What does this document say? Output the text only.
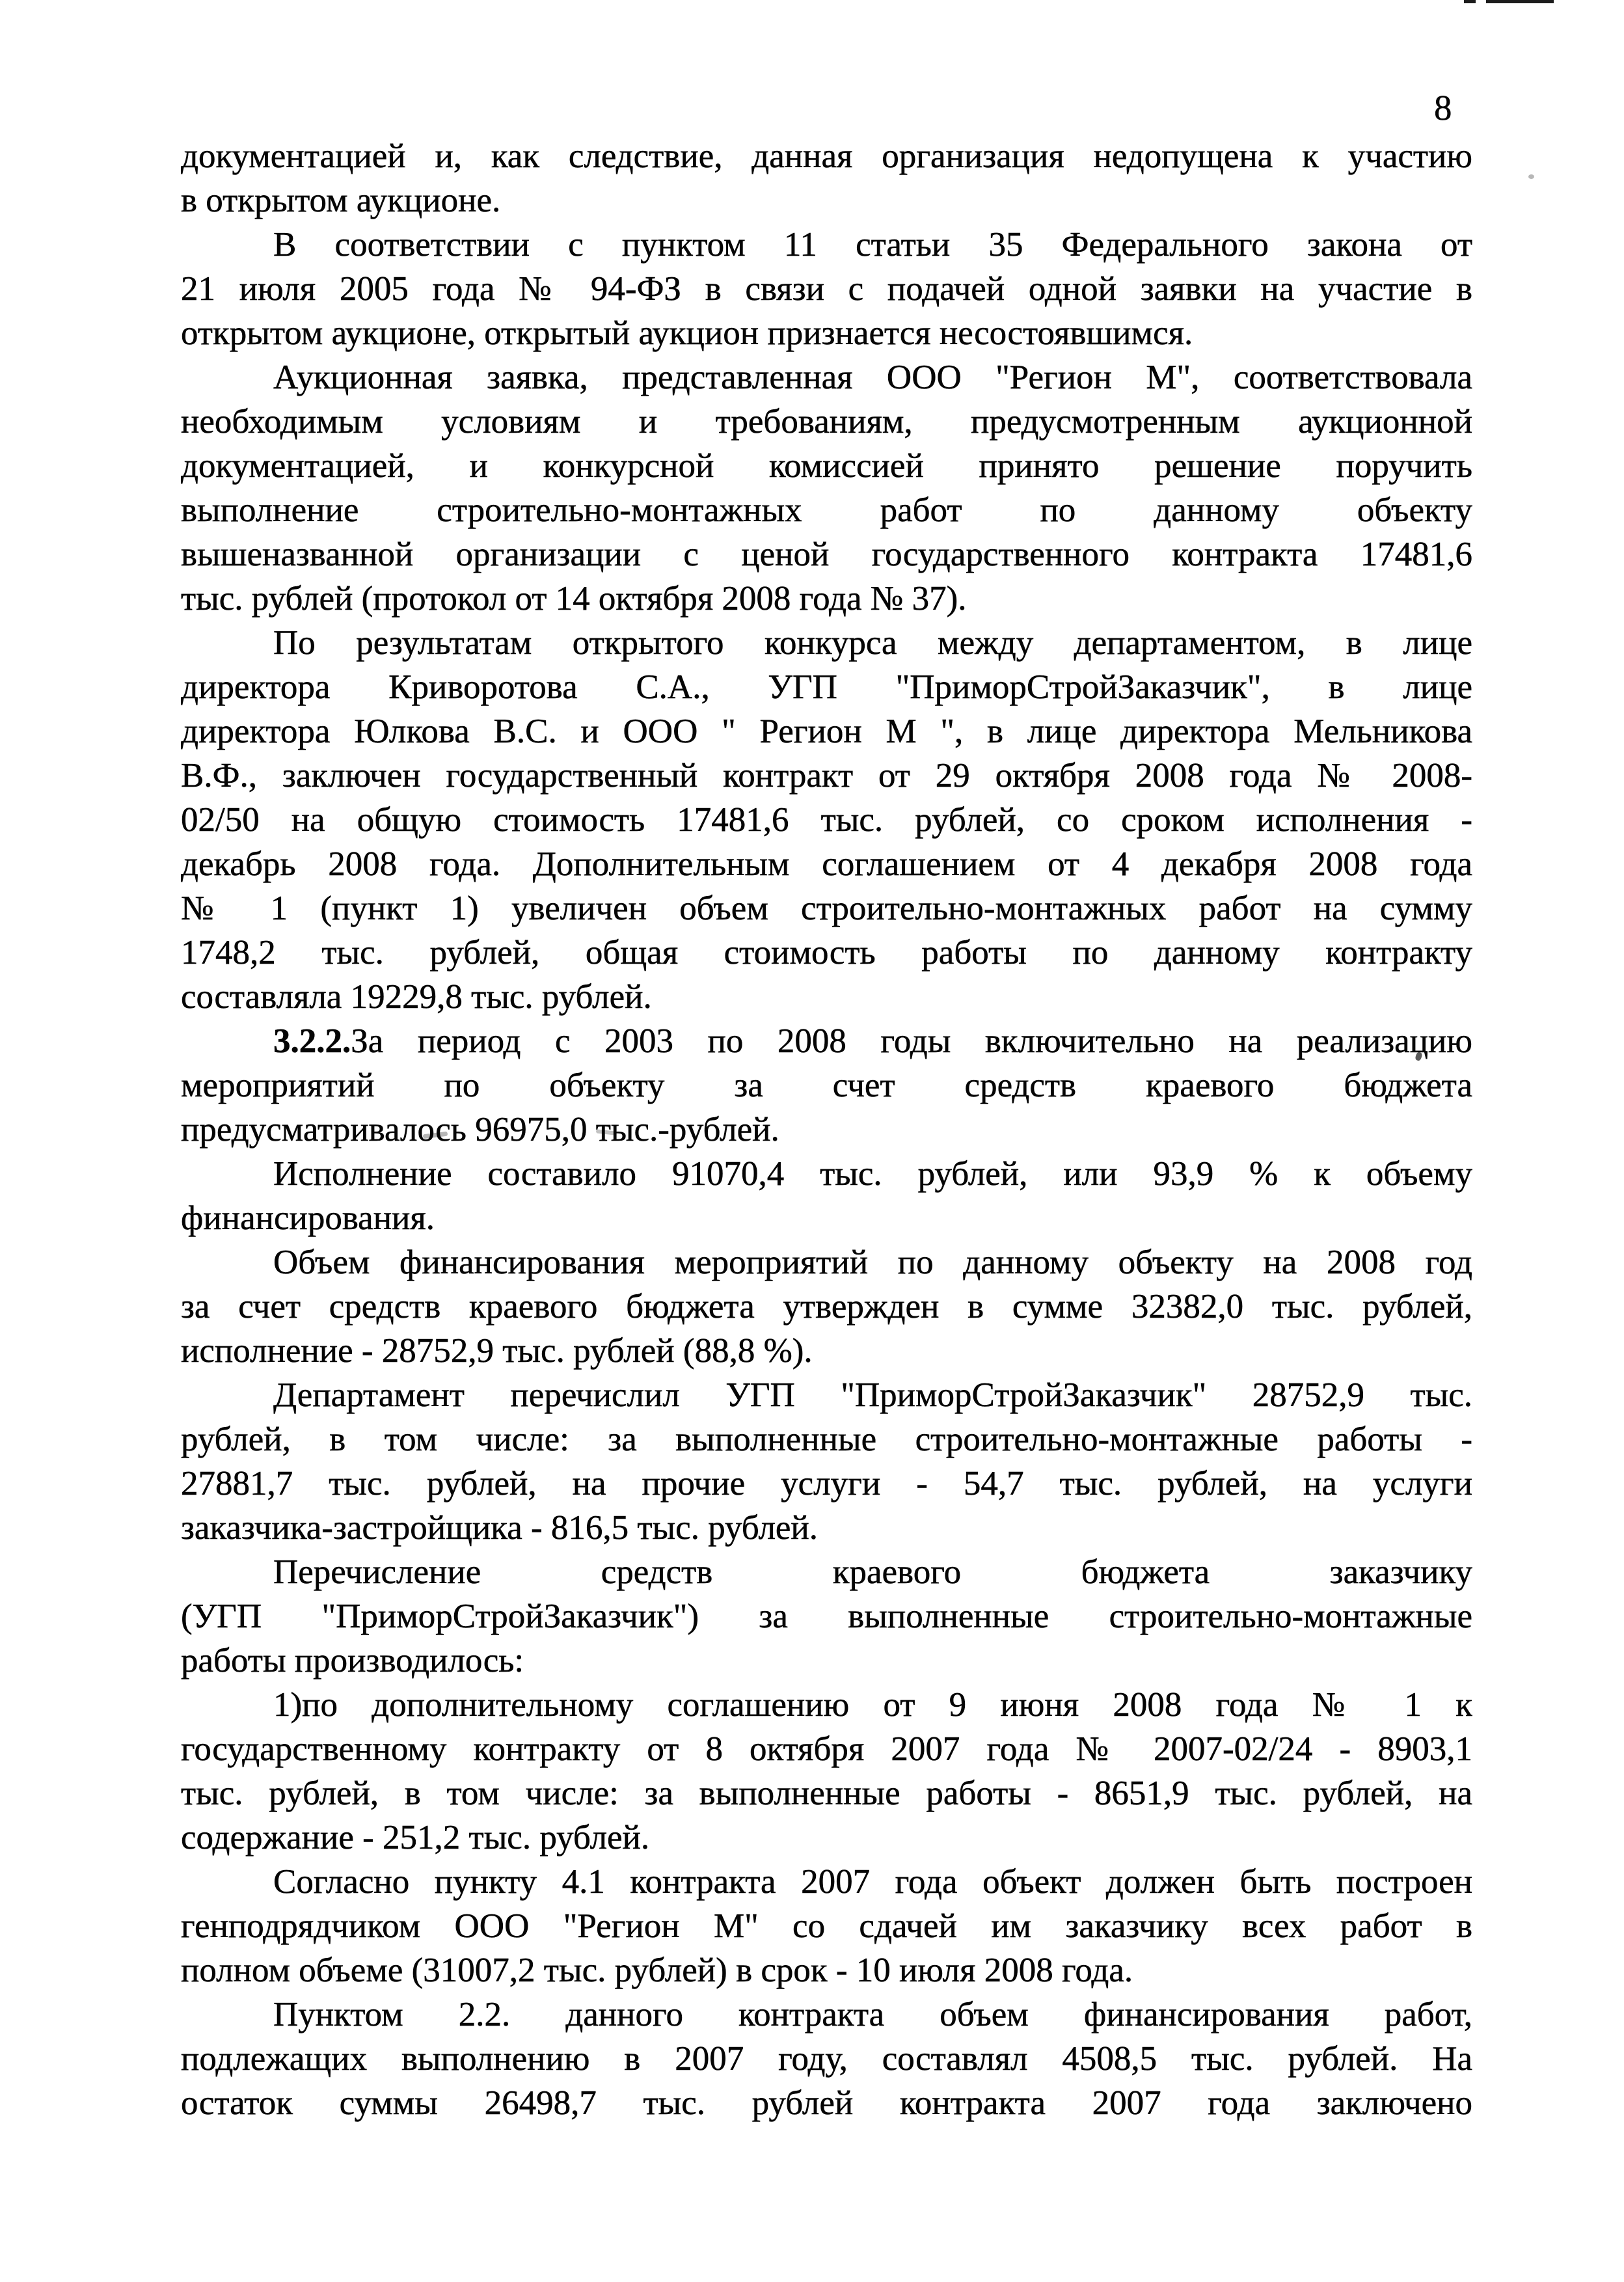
8
документацией и, как следствие, данная организация недопущена к участию
в открытом аукционе.
В соответствии с пунктом 11 статьи 35 Федерального закона от
21 июля 2005 года № 94-ФЗ в связи с подачей одной заявки на участие в
открытом аукционе, открытый аукцион признается несостоявшимся.
Аукционная заявка, представленная ООО "Регион М", соответствовала
необходимым условиям и требованиям, предусмотренным аукционной
документацией, и конкурсной комиссией принято решение поручить
выполнение строительно-монтажных работ по данному объекту
вышеназванной организации с ценой государственного контракта 17481,6
тыс. рублей (протокол от 14 октября 2008 года № 37).
По результатам открытого конкурса между департаментом, в лице
директора Криворотова С.А., УГП "ПриморСтройЗаказчик", в лице
директора Юлкова В.С. и ООО " Регион М ", в лице директора Мельникова
В.Ф., заключен государственный контракт от 29 октября 2008 года № 2008-
02/50 на общую стоимость 17481,6 тыс. рублей, со сроком исполнения -
декабрь 2008 года. Дополнительным соглашением от 4 декабря 2008 года
№ 1 (пункт 1) увеличен объем строительно-монтажных работ на сумму
1748,2 тыс. рублей, общая стоимость работы по данному контракту
составляла 19229,8 тыс. рублей.
3.2.2.За период с 2003 по 2008 годы включительно на реализацию
мероприятий по объекту за счет средств краевого бюджета
предусматривалось 96975,0 тыс.-рублей.
Исполнение составило 91070,4 тыс. рублей, или 93,9 % к объему
финансирования.
Объем финансирования мероприятий по данному объекту на 2008 год
за счет средств краевого бюджета утвержден в сумме 32382,0 тыс. рублей,
исполнение - 28752,9 тыс. рублей (88,8 %).
Департамент перечислил УГП "ПриморСтройЗаказчик" 28752,9 тыс.
рублей, в том числе: за выполненные строительно-монтажные работы -
27881,7 тыс. рублей, на прочие услуги - 54,7 тыс. рублей, на услуги
заказчика-застройщика - 816,5 тыс. рублей.
Перечисление средств краевого бюджета заказчику
(УГП "ПриморСтройЗаказчик") за выполненные строительно-монтажные
работы производилось:
1)по дополнительному соглашению от 9 июня 2008 года № 1 к
государственному контракту от 8 октября 2007 года № 2007-02/24 - 8903,1
тыс. рублей, в том числе: за выполненные работы - 8651,9 тыс. рублей, на
содержание - 251,2 тыс. рублей.
Согласно пункту 4.1 контракта 2007 года объект должен быть построен
генподрядчиком ООО "Регион М" со сдачей им заказчику всех работ в
полном объеме (31007,2 тыс. рублей) в срок - 10 июля 2008 года.
Пунктом 2.2. данного контракта объем финансирования работ,
подлежащих выполнению в 2007 году, составлял 4508,5 тыс. рублей. На
остаток суммы 26498,7 тыс. рублей контракта 2007 года заключено
